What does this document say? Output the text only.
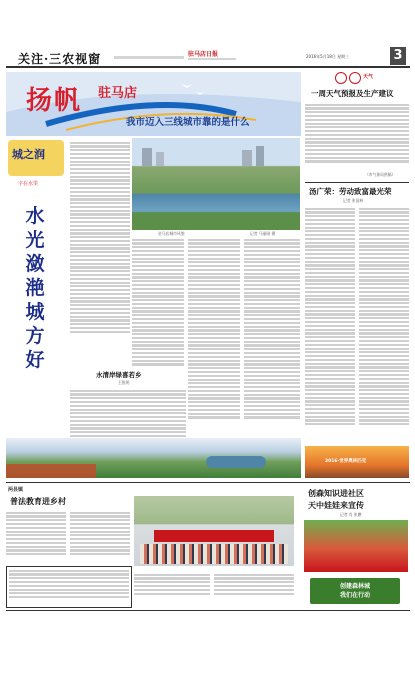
关注·三农视窗	驻马店日报	2016年5月18日 星期三	3
扬帆 驻马店
我市迈入三线城市靠的是什么
城之润
字在水里
水
光
潋
滟
城
方
好
驻马店城市风貌	记者 马丽刚 摄
水清岸绿喜若乡
王锐明
天气
一周天气预报及生产建议
（市气象局供稿）
汤广荣：劳动致富最光荣
记者 张国林
2016·世界奥林匹克
两县镇
普法教育进乡村
创森知识进社区
天中娃娃来宣传
记者 肖 张鹏
创建森林城
我们在行动
